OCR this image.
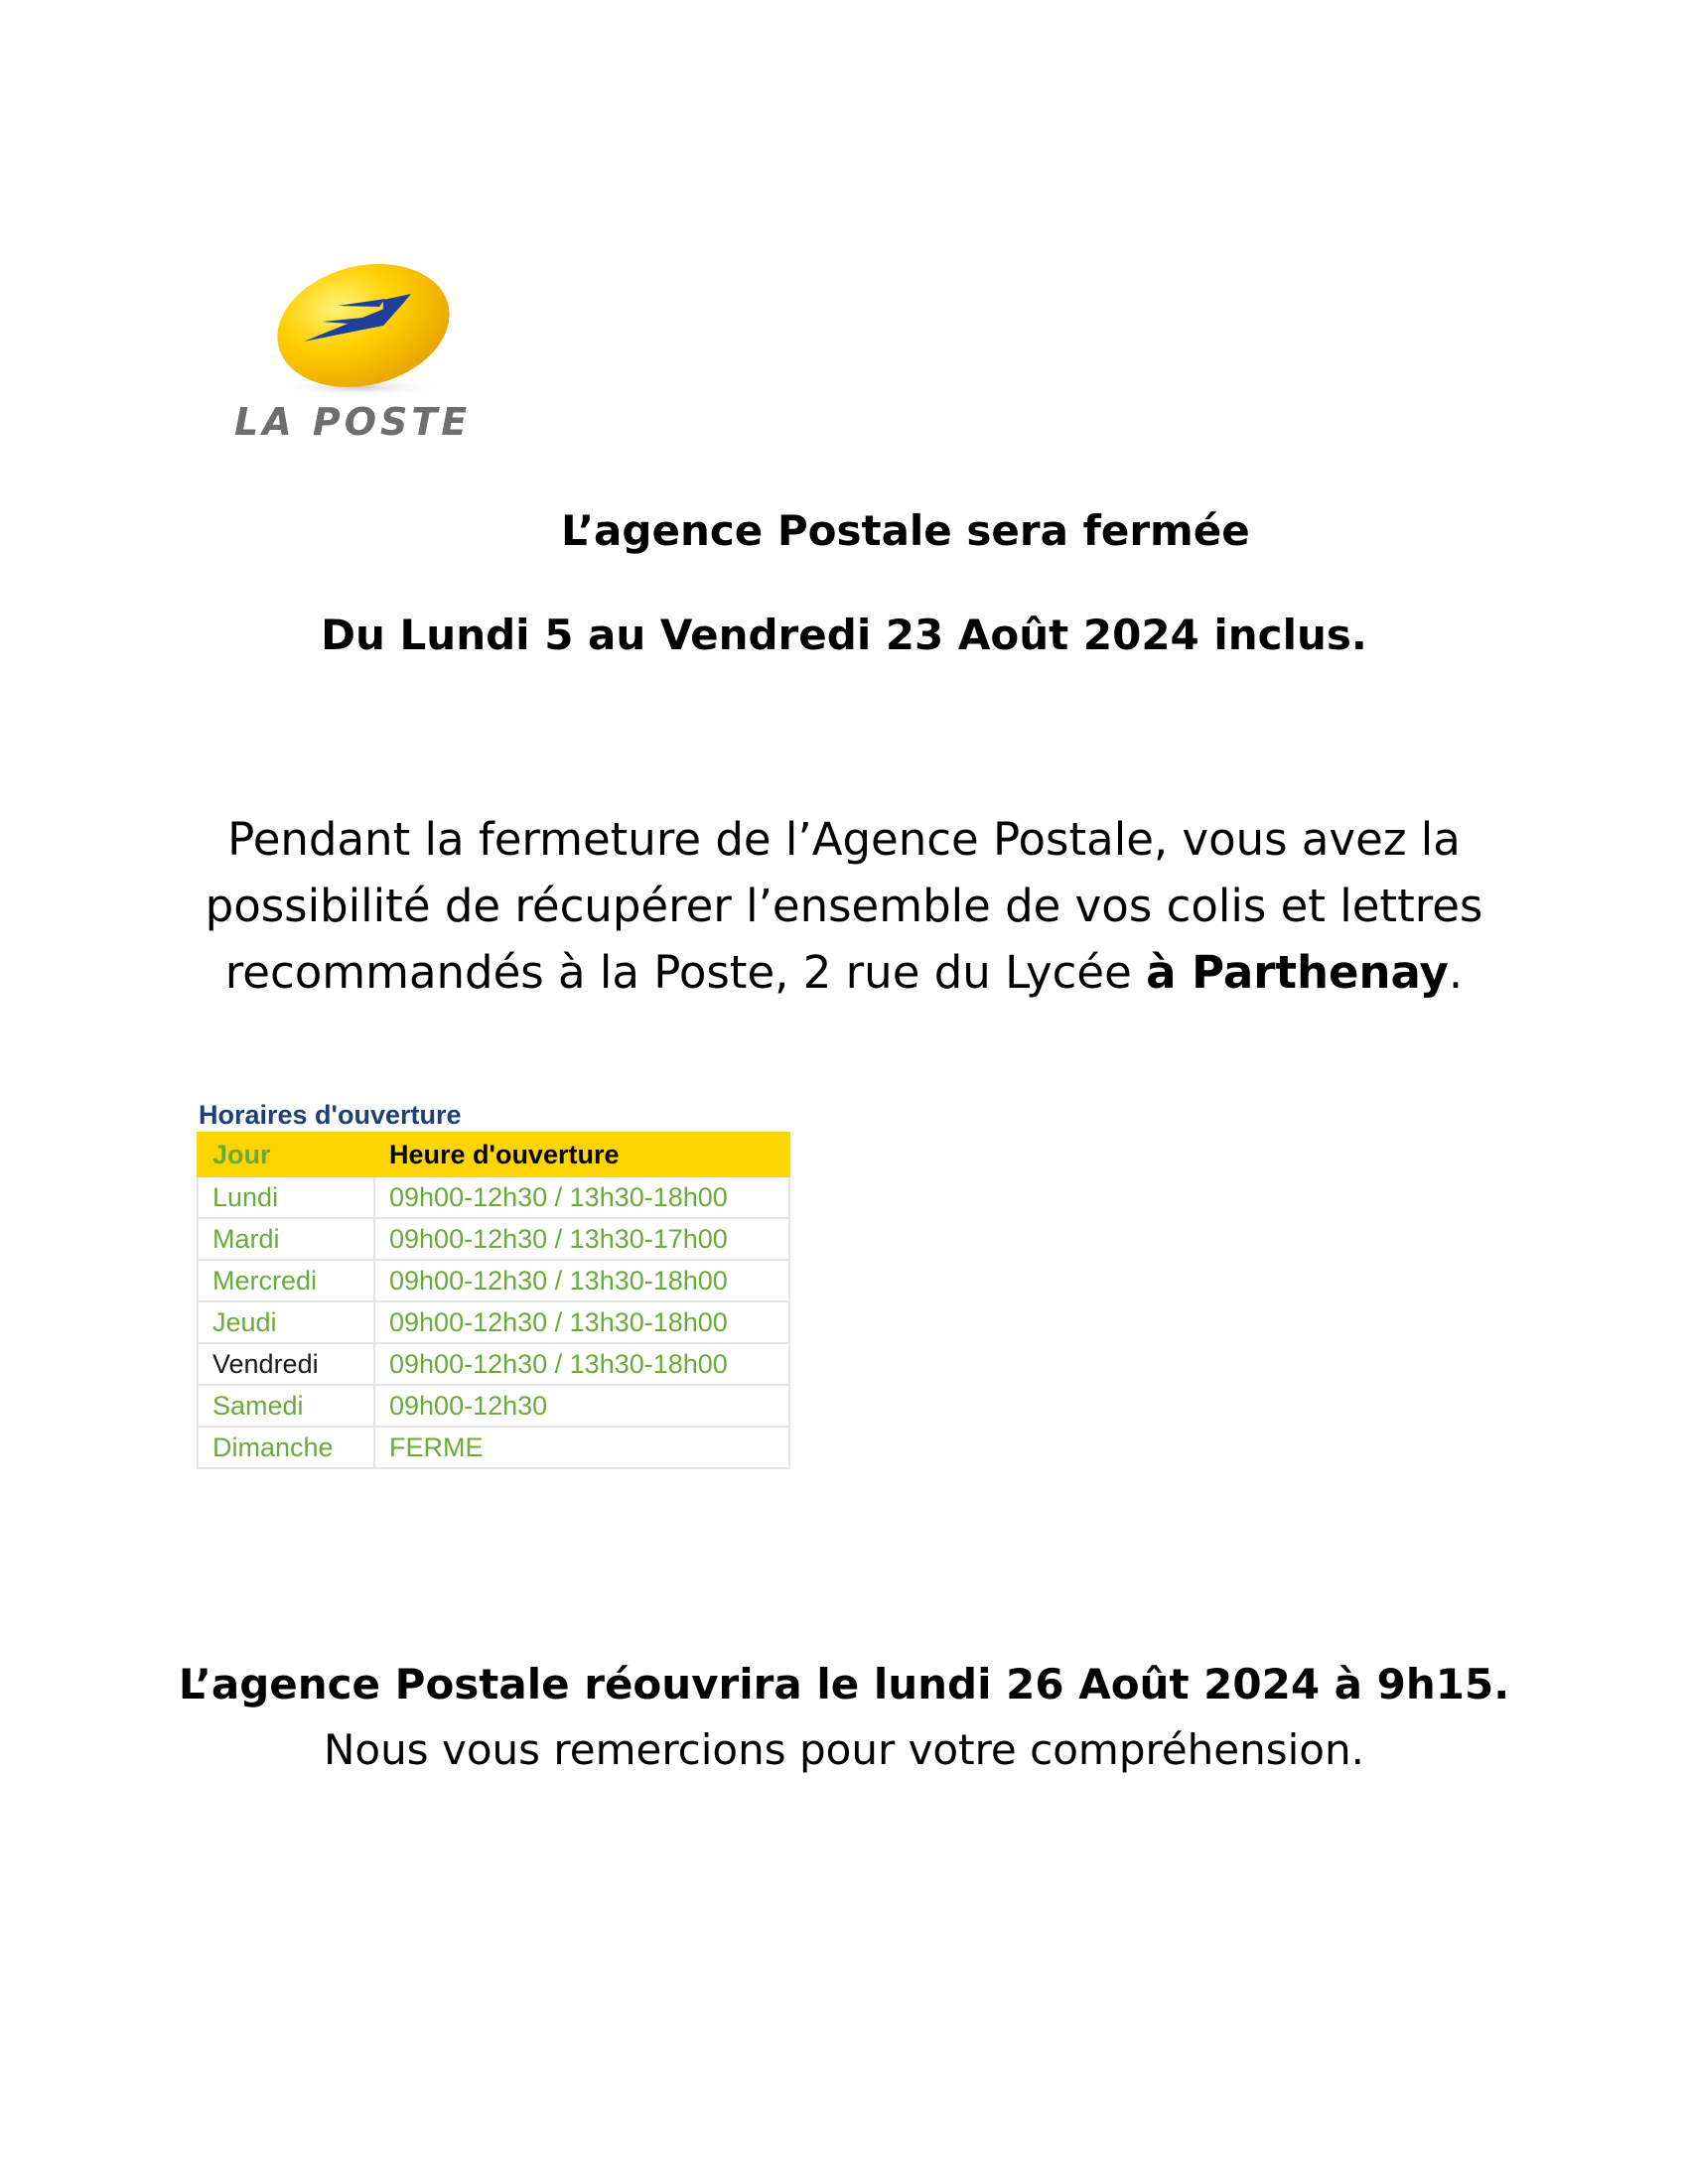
LA POSTE
L’agence Postale sera fermée
Du Lundi 5 au Vendredi 23 Août 2024 inclus.
Pendant la fermeture de l’Agence Postale, vous avez la possibilité de récupérer l’ensemble de vos colis et lettres recommandés à la Poste, 2 rue du Lycée à Parthenay.
Horaires d'ouverture
Jour	Heure d'ouverture
Lundi	09h00-12h30 / 13h30-18h00
Mardi	09h00-12h30 / 13h30-17h00
Mercredi	09h00-12h30 / 13h30-18h00
Jeudi	09h00-12h30 / 13h30-18h00
Vendredi	09h00-12h30 / 13h30-18h00
Samedi	09h00-12h30
Dimanche	FERME
L’agence Postale réouvrira le lundi 26 Août 2024 à 9h15.
Nous vous remercions pour votre compréhension.
